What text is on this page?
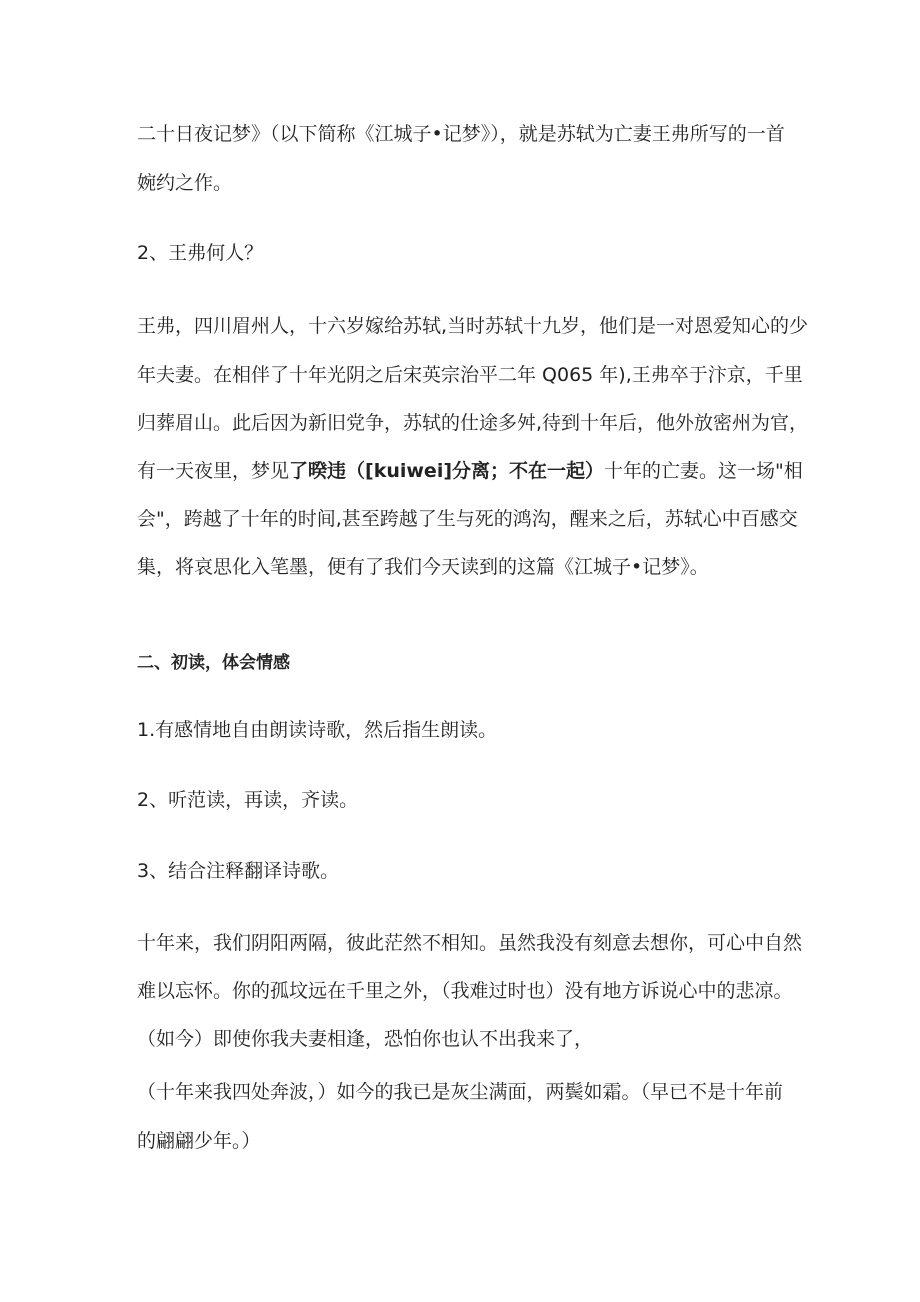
二十日夜记梦》（以下简称《江城子•记梦》），就是苏轼为亡妻王弗所写的一首

婉约之作。

2、王弗何人？

王弗，四川眉州人，十六岁嫁给苏轼,当时苏轼十九岁，他们是一对恩爱知心的少

年夫妻。在相伴了十年光阴之后宋英宗治平二年 Q065 年),王弗卒于汴京，千里

归葬眉山。此后因为新旧党争，苏轼的仕途多舛,待到十年后，他外放密州为官，

有一天夜里，梦见了暌违（[kuiwei]分离；不在一起）十年的亡妻。这一场"相

会"，跨越了十年的时间,甚至跨越了生与死的鸿沟，醒来之后，苏轼心中百感交

集，将哀思化入笔墨，便有了我们今天读到的这篇《江城子•记梦》。

二、初读，体会情感

1.有感情地自由朗读诗歌，然后指生朗读。

2、听范读，再读，齐读。

3、结合注释翻译诗歌。

十年来，我们阴阳两隔，彼此茫然不相知。虽然我没有刻意去想你，可心中自然

难以忘怀。你的孤坟远在千里之外，（我难过时也）没有地方诉说心中的悲凉。

（如今）即使你我夫妻相逢，恐怕你也认不出我来了，

（十年来我四处奔波，）如今的我已是灰尘满面，两鬓如霜。（早已不是十年前

的翩翩少年。）
